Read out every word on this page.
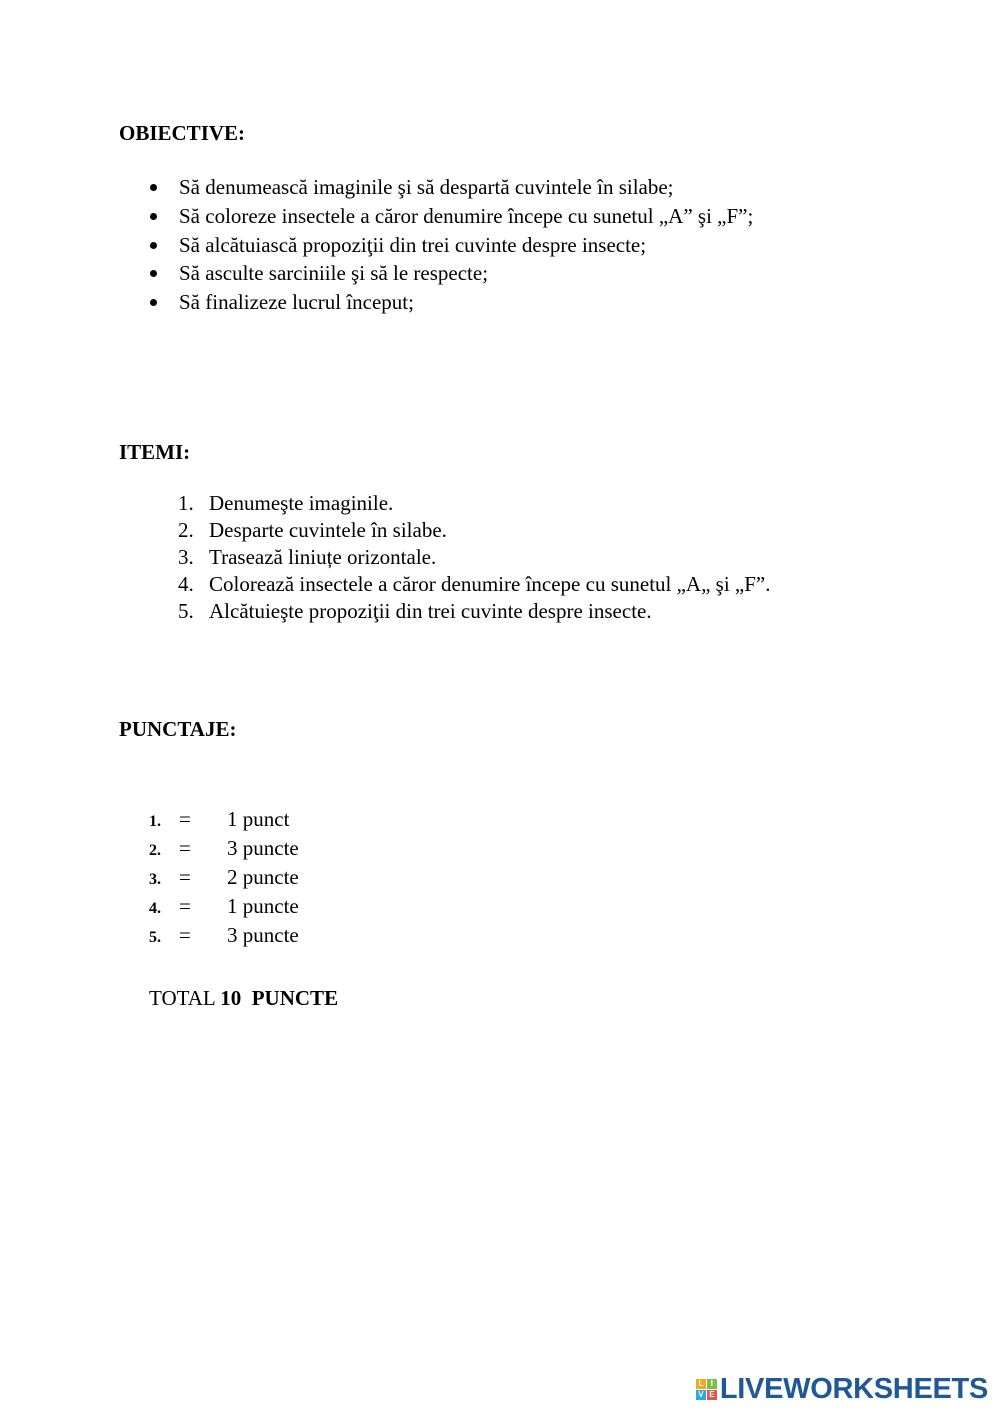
OBIECTIVE:
Să denumească imaginile şi să despartă cuvintele în silabe;
Să coloreze insectele a căror denumire începe cu sunetul „A” şi „F”;
Să alcătuiască propoziţii din trei cuvinte despre insecte;
Să asculte sarciniile şi să le respecte;
Să finalizeze lucrul început;
ITEMI:
1. Denumeşte imaginile.
2. Desparte cuvintele în silabe.
3. Trasează liniuțe orizontale.
4. Colorează insectele a căror denumire începe cu sunetul „A„ şi „F”.
5. Alcătuieşte propoziţii din trei cuvinte despre insecte.
PUNCTAJE:
1. = 1 punct
2. = 3 puncte
3. = 2 puncte
4. = 1 puncte
5. = 3 puncte
TOTAL 10  PUNCTE
L I
V E LIVEWORKSHEETS
